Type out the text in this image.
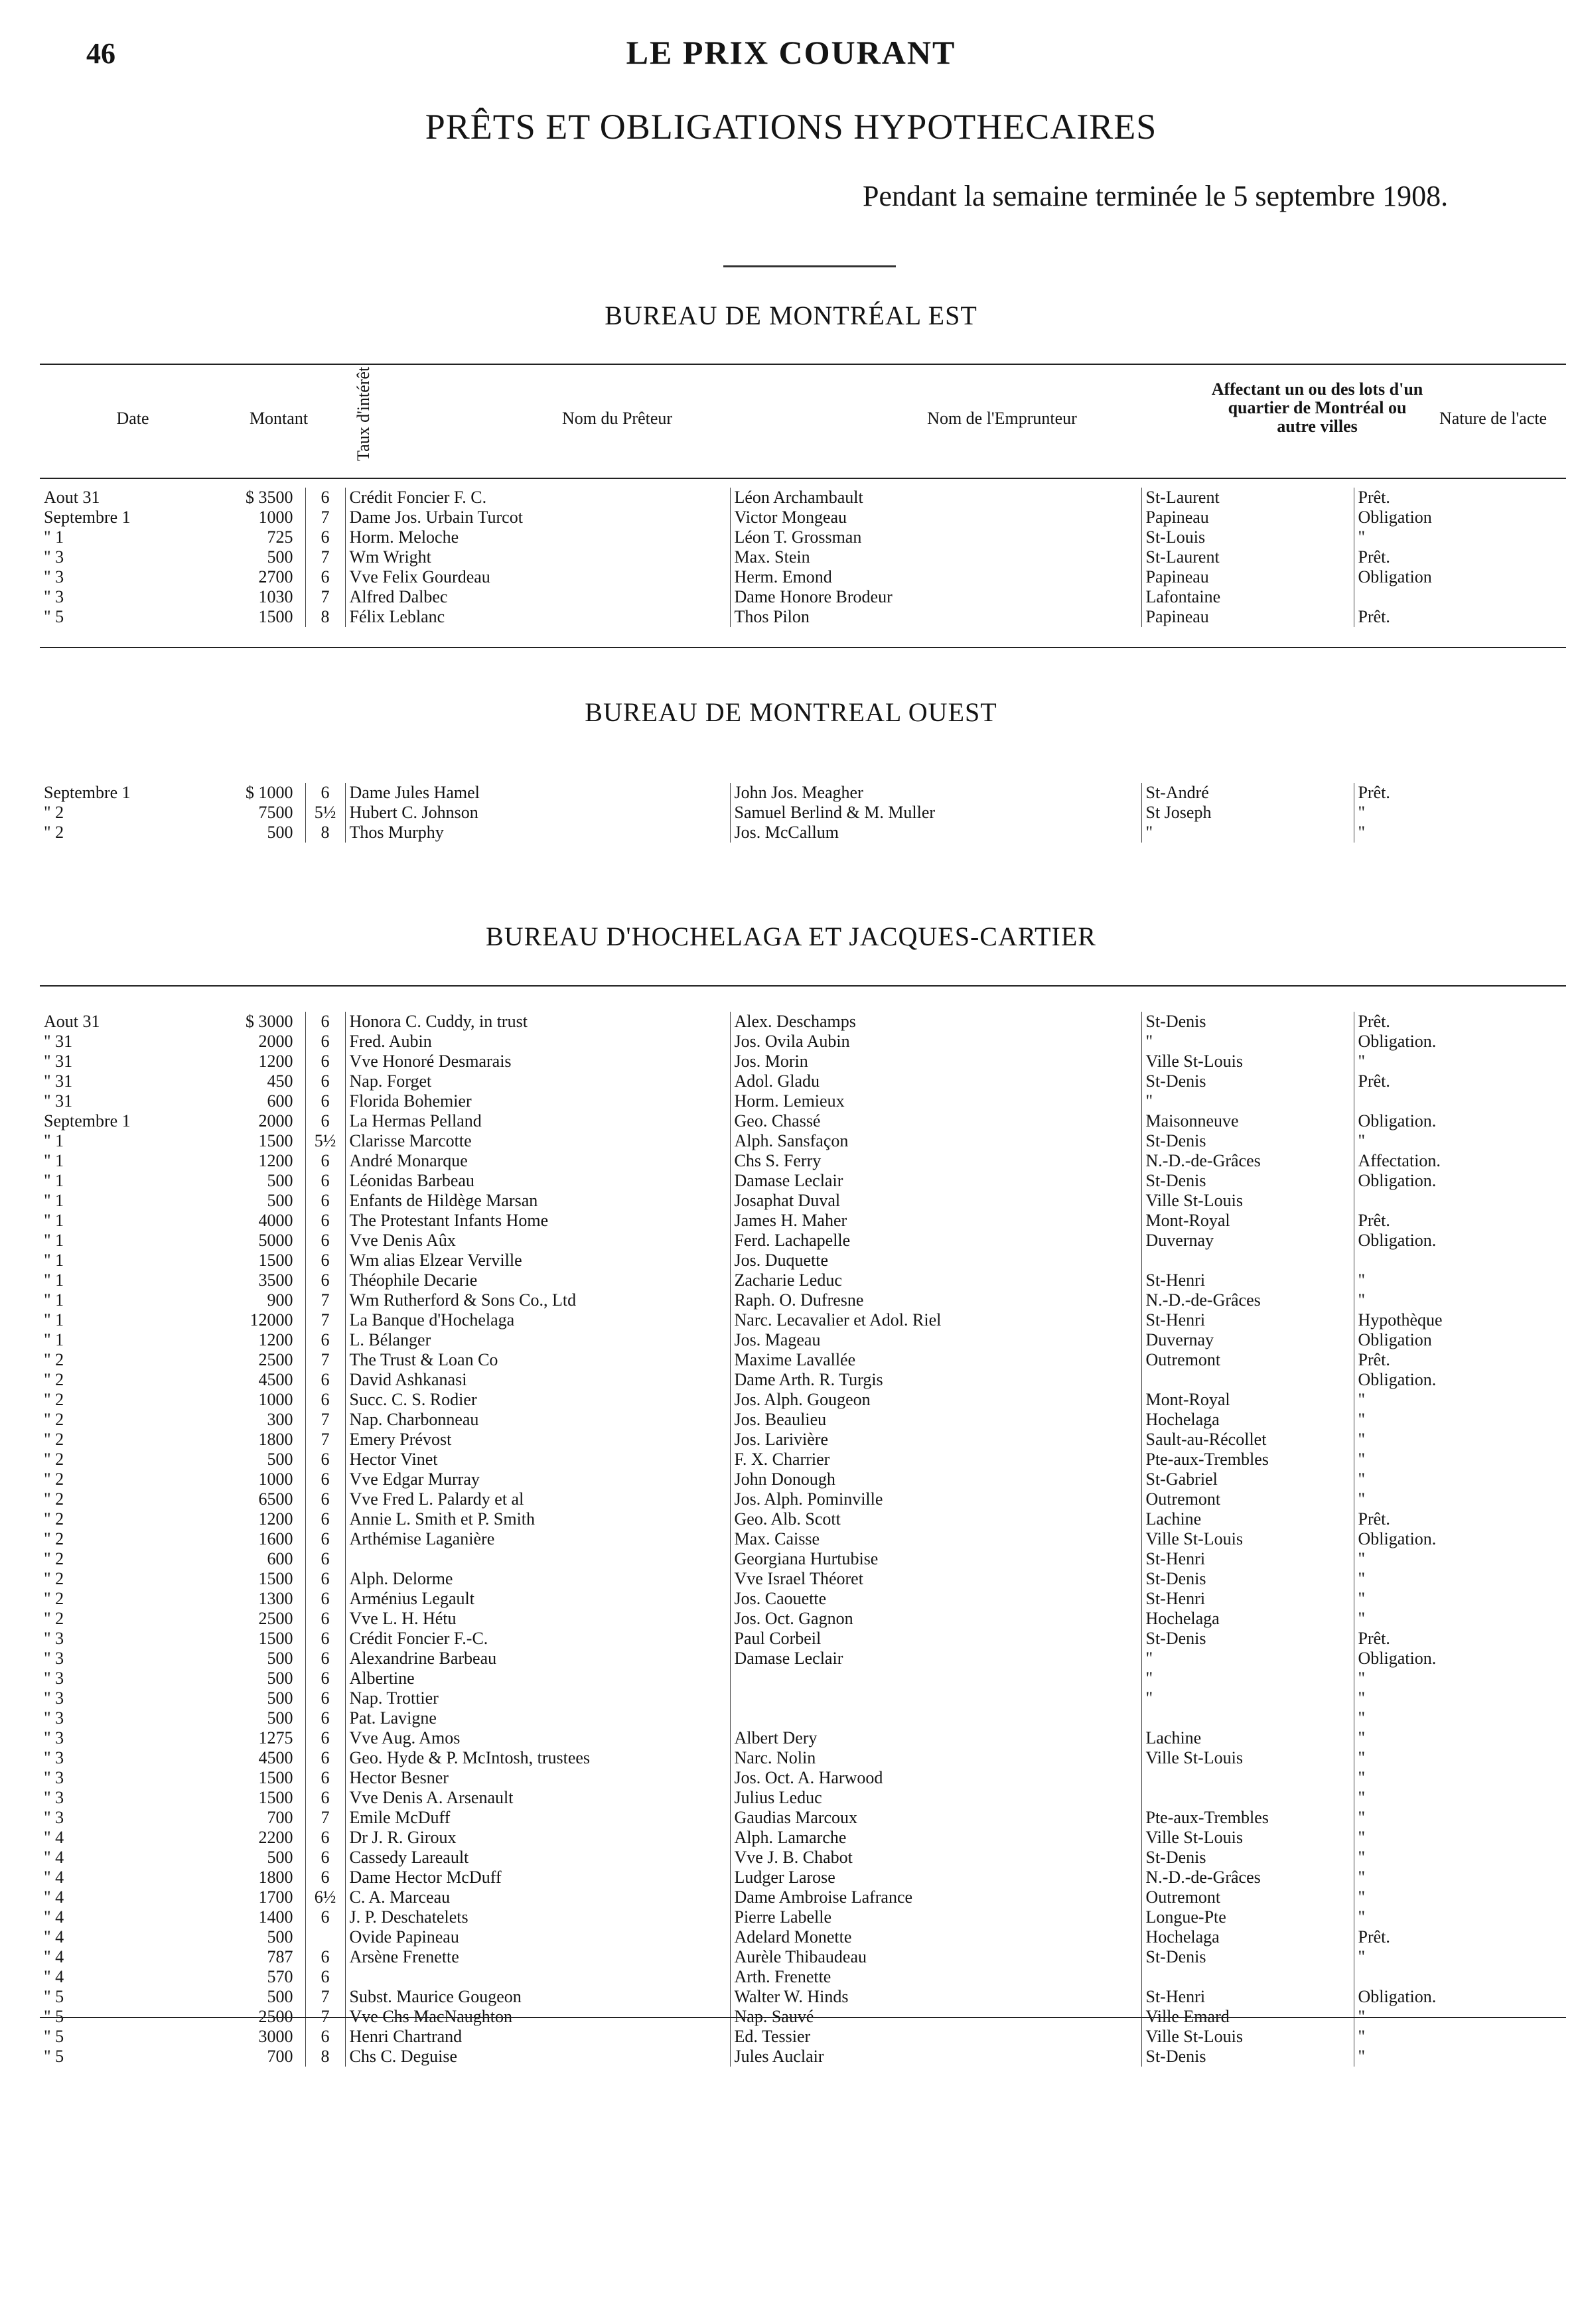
46	LE PRIX COURANT
PRÊTS ET OBLIGATIONS HYPOTHECAIRES
Pendant la semaine terminée le 5 septembre 1908.
BUREAU DE MONTRÉAL EST
Date	Montant	Taux d'intérêt	Nom du Prêteur	Nom de l'Emprunteur
Affectant un ou des lots d'un quartier de Montréal ou autre villes	Nature de l'acte
Aout 31	$ 3500	6	Crédit Foncier F. C.	Léon Archambault	St-Laurent	Prêt.
Septembre 1	1000	7	Dame Jos. Urbain Turcot	Victor Mongeau	Papineau	Obligation
" 1	725	6	Horm. Meloche	Léon T. Grossman	St-Louis	"
" 3	500	7	Wm Wright	Max. Stein	St-Laurent	Prêt.
" 3	2700	6	Vve Felix Gourdeau	Herm. Emond	Papineau	Obligation
" 3	1030	7	Alfred Dalbec	Dame Honore Brodeur	Lafontaine	
" 5	1500	8	Félix Leblanc	Thos Pilon	Papineau	Prêt.
BUREAU DE MONTREAL OUEST
Septembre 1	$ 1000	6	Dame Jules Hamel	John Jos. Meagher	St-André	Prêt.
" 2	7500	5½	Hubert C. Johnson	Samuel Berlind & M. Muller	St Joseph	"
" 2	500	8	Thos Murphy	Jos. McCallum	"	"
BUREAU D'HOCHELAGA ET JACQUES-CARTIER
Aout 31	$ 3000	6	Honora C. Cuddy, in trust	Alex. Deschamps	St-Denis	Prêt.
" 31	2000	6	Fred. Aubin	Jos. Ovila Aubin	"	Obligation.
" 31	1200	6	Vve Honoré Desmarais	Jos. Morin	Ville St-Louis	"
" 31	450	6	Nap. Forget	Adol. Gladu	St-Denis	Prêt.
" 31	600	6	Florida Bohemier	Horm. Lemieux	"	
Septembre 1	2000	6	La Hermas Pelland	Geo. Chassé	Maisonneuve	Obligation.
" 1	1500	5½	Clarisse Marcotte	Alph. Sansfaçon	St-Denis	"
" 1	1200	6	André Monarque	Chs S. Ferry	N.-D.-de-Grâces	Affectation.
" 1	500	6	Léonidas Barbeau	Damase Leclair	St-Denis	Obligation.
" 1	500	6	Enfants de Hildège Marsan	Josaphat Duval	Ville St-Louis	
" 1	4000	6	The Protestant Infants Home	James H. Maher	Mont-Royal	Prêt.
" 1	5000	6	Vve Denis Aûx	Ferd. Lachapelle	Duvernay	Obligation.
" 1	1500	6	Wm alias Elzear Verville	Jos. Duquette		
" 1	3500	6	Théophile Decarie	Zacharie Leduc	St-Henri	"
" 1	900	7	Wm Rutherford & Sons Co., Ltd	Raph. O. Dufresne	N.-D.-de-Grâces	"
" 1	12000	7	La Banque d'Hochelaga	Narc. Lecavalier et Adol. Riel	St-Henri	Hypothèque
" 1	1200	6	L. Bélanger	Jos. Mageau	Duvernay	Obligation
" 2	2500	7	The Trust & Loan Co	Maxime Lavallée	Outremont	Prêt.
" 2	4500	6	David Ashkanasi	Dame Arth. R. Turgis		Obligation.
" 2	1000	6	Succ. C. S. Rodier	Jos. Alph. Gougeon	Mont-Royal	"
" 2	300	7	Nap. Charbonneau	Jos. Beaulieu	Hochelaga	"
" 2	1800	7	Emery Prévost	Jos. Larivière	Sault-au-Récollet	"
" 2	500	6	Hector Vinet	F. X. Charrier	Pte-aux-Trembles	"
" 2	1000	6	Vve Edgar Murray	John Donough	St-Gabriel	"
" 2	6500	6	Vve Fred L. Palardy et al	Jos. Alph. Pominville	Outremont	"
" 2	1200	6	Annie L. Smith et P. Smith	Geo. Alb. Scott	Lachine	Prêt.
" 2	1600	6	Arthémise Laganière	Max. Caisse	Ville St-Louis	Obligation.
" 2	600	6		Georgiana Hurtubise	St-Henri	"
" 2	1500	6	Alph. Delorme	Vve Israel Théoret	St-Denis	"
" 2	1300	6	Arménius Legault	Jos. Caouette	St-Henri	"
" 2	2500	6	Vve L. H. Hétu	Jos. Oct. Gagnon	Hochelaga	"
" 3	1500	6	Crédit Foncier F.-C.	Paul Corbeil	St-Denis	Prêt.
" 3	500	6	Alexandrine Barbeau	Damase Leclair	"	Obligation.
" 3	500	6	Albertine		"	"
" 3	500	6	Nap. Trottier		"	"
" 3	500	6	Pat. Lavigne			"
" 3	1275	6	Vve Aug. Amos	Albert Dery	Lachine	"
" 3	4500	6	Geo. Hyde & P. McIntosh, trustees	Narc. Nolin	Ville St-Louis	"
" 3	1500	6	Hector Besner	Jos. Oct. A. Harwood		"
" 3	1500	6	Vve Denis A. Arsenault	Julius Leduc		"
" 3	700	7	Emile McDuff	Gaudias Marcoux	Pte-aux-Trembles	"
" 4	2200	6	Dr J. R. Giroux	Alph. Lamarche	Ville St-Louis	"
" 4	500	6	Cassedy Lareault	Vve J. B. Chabot	St-Denis	"
" 4	1800	6	Dame Hector McDuff	Ludger Larose	N.-D.-de-Grâces	"
" 4	1700	6½	C. A. Marceau	Dame Ambroise Lafrance	Outremont	"
" 4	1400	6	J. P. Deschatelets	Pierre Labelle	Longue-Pte	"
" 4	500		Ovide Papineau	Adelard Monette	Hochelaga	Prêt.
" 4	787	6	Arsène Frenette	Aurèle Thibaudeau	St-Denis	"
" 4	570	6		Arth. Frenette		
" 5	500	7	Subst. Maurice Gougeon	Walter W. Hinds	St-Henri	Obligation.
" 5	2500	7	Vve Chs MacNaughton	Nap. Sauvé	Ville Emard	"
" 5	3000	6	Henri Chartrand	Ed. Tessier	Ville St-Louis	"
" 5	700	8	Chs C. Deguise	Jules Auclair	St-Denis	"
